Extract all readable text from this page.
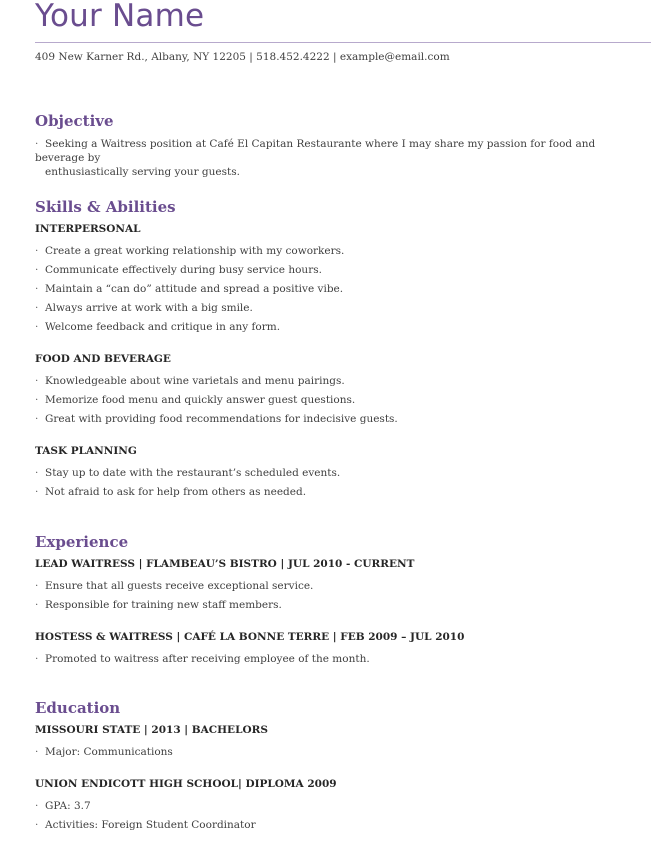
Your Name
409 New Karner Rd., Albany, NY 12205 | 518.452.4222 | example@email.com
Objective
· Seeking a Waitress position at Café El Capitan Restaurante where I may share my passion for food and beverage by
enthusiastically serving your guests.
Skills & Abilities
INTERPERSONAL
· Create a great working relationship with my coworkers.
· Communicate effectively during busy service hours.
· Maintain a “can do” attitude and spread a positive vibe.
· Always arrive at work with a big smile.
· Welcome feedback and critique in any form.
FOOD AND BEVERAGE
· Knowledgeable about wine varietals and menu pairings.
· Memorize food menu and quickly answer guest questions.
· Great with providing food recommendations for indecisive guests.
TASK PLANNING
· Stay up to date with the restaurant’s scheduled events.
· Not afraid to ask for help from others as needed.
Experience
LEAD WAITRESS | FLAMBEAU’S BISTRO | JUL 2010 - CURRENT
· Ensure that all guests receive exceptional service.
· Responsible for training new staff members.
HOSTESS & WAITRESS | CAFÉ LA BONNE TERRE | FEB 2009 – JUL 2010
· Promoted to waitress after receiving employee of the month.
Education
MISSOURI STATE | 2013 | BACHELORS
· Major: Communications
UNION ENDICOTT HIGH SCHOOL| DIPLOMA 2009
· GPA: 3.7
· Activities: Foreign Student Coordinator
